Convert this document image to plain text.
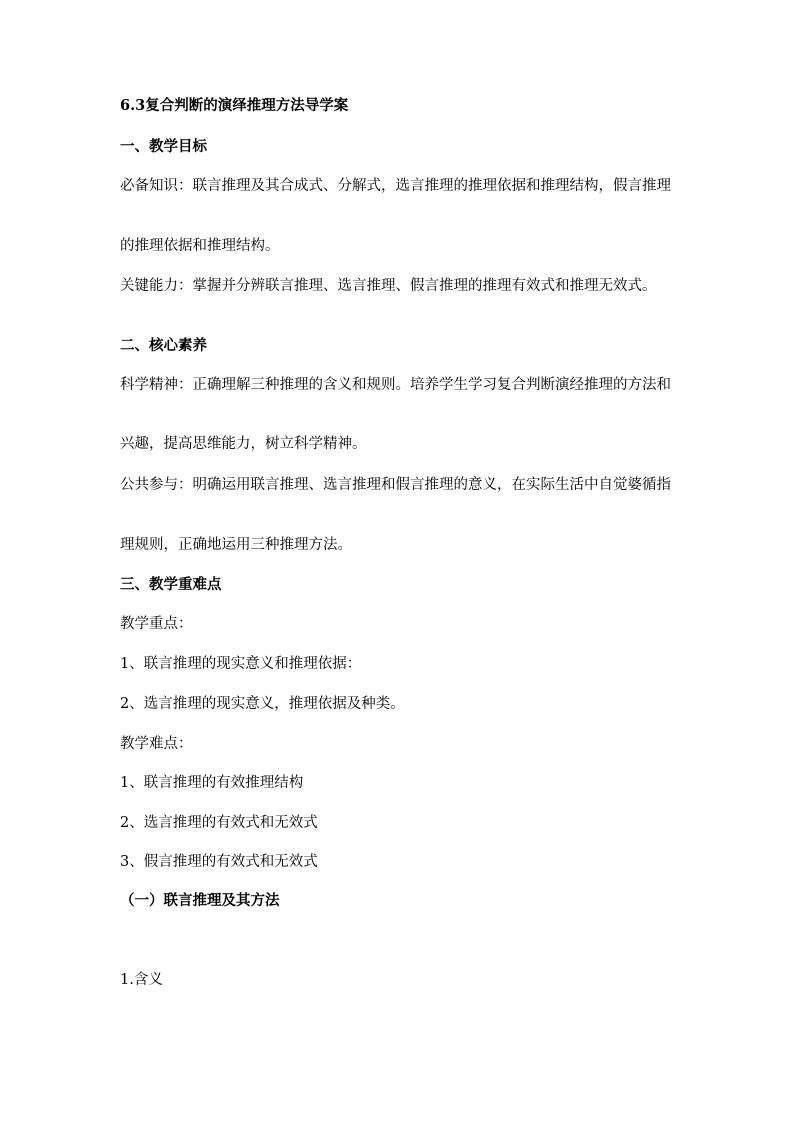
6.3复合判断的演绎推理方法导学案
一、教学目标
必备知识：联言推理及其合成式、分解式，选言推理的推理依据和推理结构，假言推理
的推理依据和推理结构。
关键能力：掌握并分辨联言推理、选言推理、假言推理的推理有效式和推理无效式。
二、核心素养
科学精神：正确理解三种推理的含义和规则。培养学生学习复合判断演经推理的方法和
兴趣，提高思维能力，树立科学精神。
公共参与：明确运用联言推理、选言推理和假言推理的意义，在实际生活中自觉婆循指
理规则，正确地运用三种推理方法。
三、教学重难点
教学重点：
1、联言推理的现实意义和推理依据：
2、选言推理的现实意义，推理依据及种类。
教学难点：
1、联言推理的有效推理结构
2、选言推理的有效式和无效式
3、假言推理的有效式和无效式
（一）联言推理及其方法
1.含义
